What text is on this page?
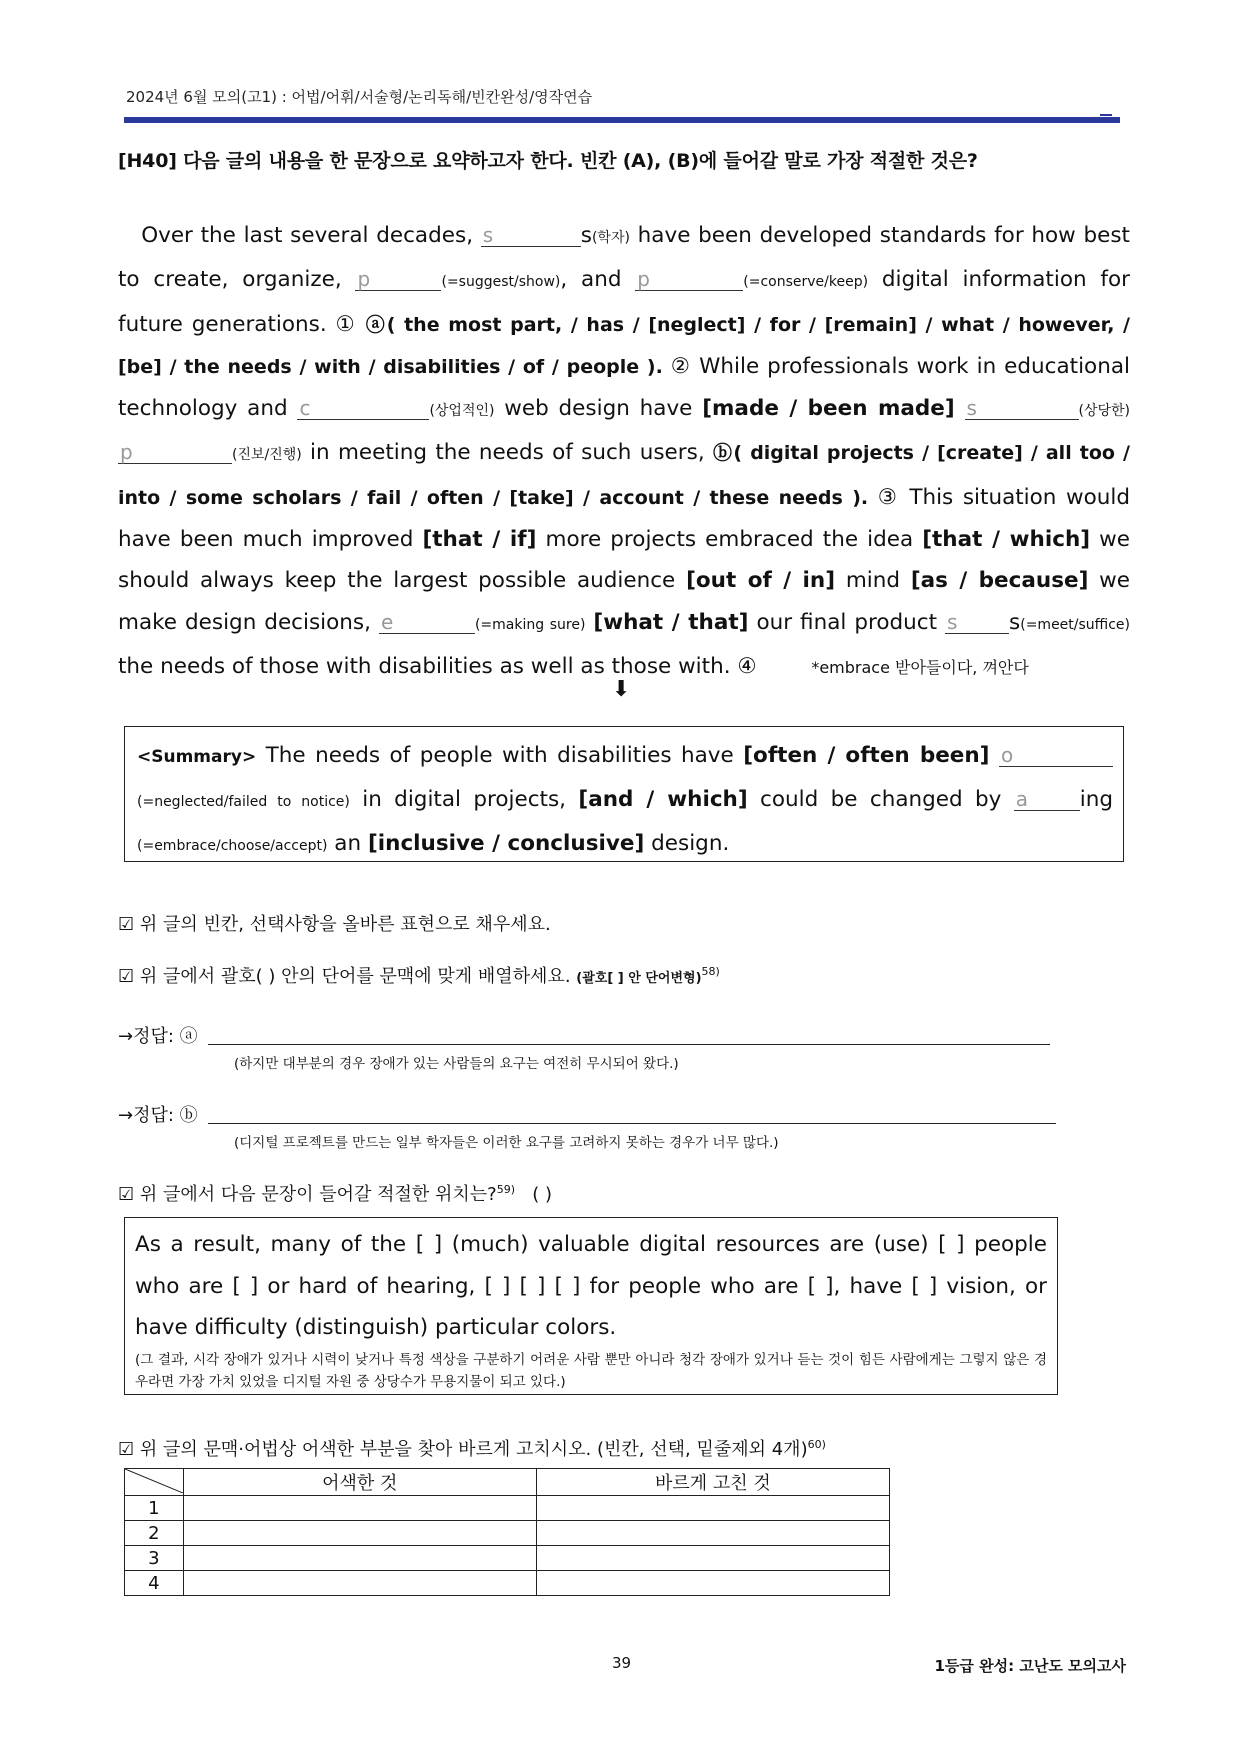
2024년 6월 모의(고1) : 어법/어휘/서술형/논리독해/빈칸완성/영작연습
[H40] 다음 글의 내용을 한 문장으로 요약하고자 한다. 빈칸 (A), (B)에 들어갈 말로 가장 적절한 것은?

Over the last several decades, s	s(학자) have been developed standards for how best to create, organize, p	(=suggest/show), and p	(=conserve/keep) digital information for future generations. ① ⓐ( the most part, / has / [neglect] / for / [remain] / what / however, / [be] / the needs / with / disabilities / of / people ). ② While professionals work in educational technology and c	(상업적인) web design have [made / been made] s	(상당한) p	(진보/진행) in meeting the needs of such users, ⓑ( digital projects / [create] / all too / into / some scholars / fail / often / [take] / account / these needs ). ③ This situation would have been much improved [that / if] more projects embraced the idea [that / which] we should always keep the largest possible audience [out of / in] mind [as / because] we make design decisions, e	(=making sure) [what / that] our final product s s(=meet/suffice) the needs of those with disabilities as well as those with. ④	*embrace 받아들이다, 껴안다

⬇
<Summary> The needs of people with disabilities have [often / often been] o (=neglected/failed to notice) in digital projects, [and / which] could be changed by a ing (=embrace/choose/accept) an [inclusive / conclusive] design.
☑ 위 글의 빈칸, 선택사항을 올바른 표현으로 채우세요.
☑ 위 글에서 괄호( ) 안의 단어를 문맥에 맞게 배열하세요. (괄호[ ] 안 단어변형)$^{58)}$
→정답: ⓐ
(하지만 대부분의 경우 장애가 있는 사람들의 요구는 여전히 무시되어 왔다.)
→정답: ⓑ
(디지털 프로젝트를 만드는 일부 학자들은 이러한 요구를 고려하지 못하는 경우가 너무 많다.)
☑ 위 글에서 다음 문장이 들어갈 적절한 위치는?$^{59)}$ ( )
As a result, many of the [ ] (much) valuable digital resources are (use) [ ] people who are [ ] or hard of hearing, [ ] [ ] [ ] for people who are [ ], have [ ] vision, or have difficulty (distinguish) particular colors.
(그 결과, 시각 장애가 있거나 시력이 낮거나 특정 색상을 구분하기 어려운 사람 뿐만 아니라 청각 장애가 있거나 듣는 것이 힘든 사람에게는 그렇지 않은 경우라면 가장 가치 있었을 디지털 자원 중 상당수가 무용지물이 되고 있다.)
☑ 위 글의 문맥·어법상 어색한 부분을 찾아 바르게 고치시오. (빈칸, 선택, 밑줄제외 4개)$^{60)}$
	어색한 것	바르게 고친 것
1		
2		
3		
4		
39	1등급 완성: 고난도 모의고사
